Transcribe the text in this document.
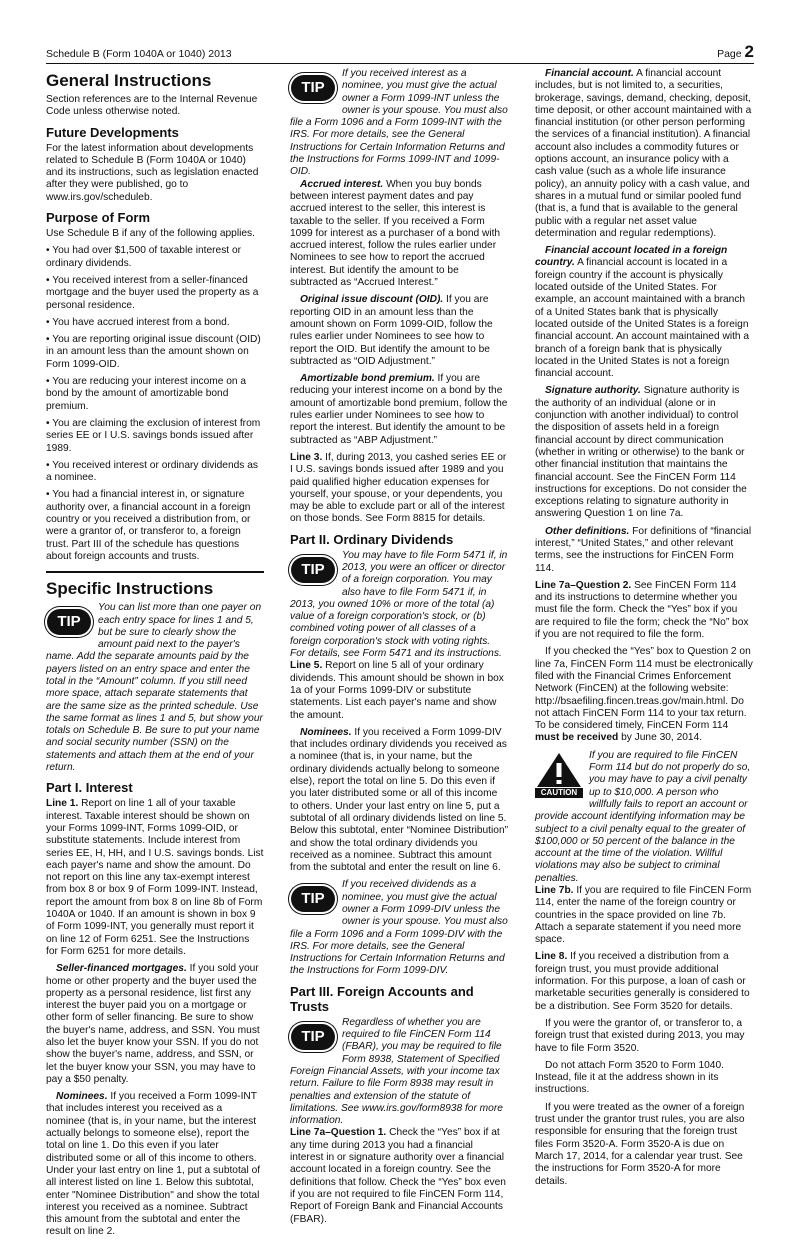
Schedule B (Form 1040A or 1040) 2013	Page 2
General Instructions

Section references are to the Internal Revenue Code unless otherwise noted.

Future Developments

For the latest information about developments related to Schedule B (Form 1040A or 1040) and its instructions, such as legislation enacted after they were published, go to www.irs.gov/scheduleb.

Purpose of Form

Use Schedule B if any of the following applies.

• You had over $1,500 of taxable interest or ordinary dividends.

• You received interest from a seller-financed mortgage and the buyer used the property as a personal residence.

• You have accrued interest from a bond.

• You are reporting original issue discount (OID) in an amount less than the amount shown on Form 1099-OID.

• You are reducing your interest income on a bond by the amount of amortizable bond premium.

• You are claiming the exclusion of interest from series EE or I U.S. savings bonds issued after 1989.

• You received interest or ordinary dividends as a nominee.

• You had a financial interest in, or signature authority over, a financial account in a foreign country or you received a distribution from, or were a grantor of, or transferor to, a foreign trust. Part III of the schedule has questions about foreign accounts and trusts.

Specific Instructions
TIP
You can list more than one payer on each entry space for lines 1 and 5, but be sure to clearly show the amount paid next to the payer's name. Add the separate amounts paid by the payers listed on an entry space and enter the total in the “Amount” column. If you still need more space, attach separate statements that are the same size as the printed schedule. Use the same format as lines 1 and 5, but show your totals on Schedule B. Be sure to put your name and social security number (SSN) on the statements and attach them at the end of your return.
Part I. Interest

Line 1. Report on line 1 all of your taxable interest. Taxable interest should be shown on your Forms 1099-INT, Forms 1099-OID, or substitute statements. Include interest from series EE, H, HH, and I U.S. savings bonds. List each payer's name and show the amount. Do not report on this line any tax-exempt interest from box 8 or box 9 of Form 1099-INT. Instead, report the amount from box 8 on line 8b of Form 1040A or 1040. If an amount is shown in box 9 of Form 1099-INT, you generally must report it on line 12 of Form 6251. See the Instructions for Form 6251 for more details.

Seller-financed mortgages. If you sold your home or other property and the buyer used the property as a personal residence, list first any interest the buyer paid you on a mortgage or other form of seller financing. Be sure to show the buyer's name, address, and SSN. You must also let the buyer know your SSN. If you do not show the buyer's name, address, and SSN, or let the buyer know your SSN, you may have to pay a $50 penalty.

Nominees. If you received a Form 1099-INT that includes interest you received as a nominee (that is, in your name, but the interest actually belongs to someone else), report the total on line 1. Do this even if you later distributed some or all of this income to others. Under your last entry on line 1, put a subtotal of all interest listed on line 1. Below this subtotal, enter "Nominee Distribution" and show the total interest you received as a nominee. Subtract this amount from the subtotal and enter the result on line 2.

TIP
If you received interest as a nominee, you must give the actual owner a Form 1099-INT unless the owner is your spouse. You must also file a Form 1096 and a Form 1099-INT with the IRS. For more details, see the General Instructions for Certain Information Returns and the Instructions for Forms 1099-INT and 1099-OID.

Accrued interest. When you buy bonds between interest payment dates and pay accrued interest to the seller, this interest is taxable to the seller. If you received a Form 1099 for interest as a purchaser of a bond with accrued interest, follow the rules earlier under Nominees to see how to report the accrued interest. But identify the amount to be subtracted as “Accrued Interest.”

Original issue discount (OID). If you are reporting OID in an amount less than the amount shown on Form 1099-OID, follow the rules earlier under Nominees to see how to report the OID. But identify the amount to be subtracted as “OID Adjustment.”

Amortizable bond premium. If you are reducing your interest income on a bond by the amount of amortizable bond premium, follow the rules earlier under Nominees to see how to report the interest. But identify the amount to be subtracted as “ABP Adjustment.”

Line 3. If, during 2013, you cashed series EE or I U.S. savings bonds issued after 1989 and you paid qualified higher education expenses for yourself, your spouse, or your dependents, you may be able to exclude part or all of the interest on those bonds. See Form 8815 for details.

Part II. Ordinary Dividends
TIP
You may have to file Form 5471 if, in 2013, you were an officer or director of a foreign corporation. You may also have to file Form 5471 if, in 2013, you owned 10% or more of the total (a) value of a foreign corporation's stock, or (b) combined voting power of all classes of a foreign corporation's stock with voting rights. For details, see Form 5471 and its instructions.

Line 5. Report on line 5 all of your ordinary dividends. This amount should be shown in box 1a of your Forms 1099-DIV or substitute statements. List each payer's name and show the amount.

Nominees. If you received a Form 1099-DIV that includes ordinary dividends you received as a nominee (that is, in your name, but the ordinary dividends actually belong to someone else), report the total on line 5. Do this even if you later distributed some or all of this income to others. Under your last entry on line 5, put a subtotal of all ordinary dividends listed on line 5. Below this subtotal, enter “Nominee Distribution” and show the total ordinary dividends you received as a nominee. Subtract this amount from the subtotal and enter the result on line 6.

TIP
If you received dividends as a nominee, you must give the actual owner a Form 1099-DIV unless the owner is your spouse. You must also file a Form 1096 and a Form 1099-DIV with the IRS. For more details, see the General Instructions for Certain Information Returns and the Instructions for Form 1099-DIV.
Part III. Foreign Accounts and Trusts
TIP
Regardless of whether you are required to file FinCEN Form 114 (FBAR), you may be required to file Form 8938, Statement of Specified Foreign Financial Assets, with your income tax return. Failure to file Form 8938 may result in penalties and extension of the statute of limitations. See www.irs.gov/form8938 for more information.

Line 7a–Question 1. Check the “Yes” box if at any time during 2013 you had a financial interest in or signature authority over a financial account located in a foreign country. See the definitions that follow. Check the “Yes” box even if you are not required to file FinCEN Form 114, Report of Foreign Bank and Financial Accounts (FBAR).

Financial account. A financial account includes, but is not limited to, a securities, brokerage, savings, demand, checking, deposit, time deposit, or other account maintained with a financial institution (or other person performing the services of a financial institution). A financial account also includes a commodity futures or options account, an insurance policy with a cash value (such as a whole life insurance policy), an annuity policy with a cash value, and shares in a mutual fund or similar pooled fund (that is, a fund that is available to the general public with a regular net asset value determination and regular redemptions).

Financial account located in a foreign country. A financial account is located in a foreign country if the account is physically located outside of the United States. For example, an account maintained with a branch of a United States bank that is physically located outside of the United States is a foreign financial account. An account maintained with a branch of a foreign bank that is physically located in the United States is not a foreign financial account.

Signature authority. Signature authority is the authority of an individual (alone or in conjunction with another individual) to control the disposition of assets held in a foreign financial account by direct communication (whether in writing or otherwise) to the bank or other financial institution that maintains the financial account. See the FinCEN Form 114 instructions for exceptions. Do not consider the exceptions relating to signature authority in answering Question 1 on line 7a.

Other definitions. For definitions of “financial interest,” “United States,” and other relevant terms, see the instructions for FinCEN Form 114.

Line 7a–Question 2. See FinCEN Form 114 and its instructions to determine whether you must file the form. Check the “Yes” box if you are required to file the form; check the “No” box if you are not required to file the form.

If you checked the “Yes” box to Question 2 on line 7a, FinCEN Form 114 must be electronically filed with the Financial Crimes Enforcement Network (FinCEN) at the following website: http://bsaefiling.fincen.treas.gov/main.html. Do not attach FinCEN Form 114 to your tax return. To be considered timely, FinCEN Form 114 must be received by June 30, 2014.

CAUTION
If you are required to file FinCEN Form 114 but do not properly do so, you may have to pay a civil penalty up to $10,000. A person who willfully fails to report an account or provide account identifying information may be subject to a civil penalty equal to the greater of $100,000 or 50 percent of the balance in the account at the time of the violation. Willful violations may also be subject to criminal penalties.

Line 7b. If you are required to file FinCEN Form 114, enter the name of the foreign country or countries in the space provided on line 7b. Attach a separate statement if you need more space.

Line 8. If you received a distribution from a foreign trust, you must provide additional information. For this purpose, a loan of cash or marketable securities generally is considered to be a distribution. See Form 3520 for details.

If you were the grantor of, or transferor to, a foreign trust that existed during 2013, you may have to file Form 3520.

Do not attach Form 3520 to Form 1040. Instead, file it at the address shown in its instructions.

If you were treated as the owner of a foreign trust under the grantor trust rules, you are also responsible for ensuring that the foreign trust files Form 3520-A. Form 3520-A is due on March 17, 2014, for a calendar year trust. See the instructions for Form 3520-A for more details.
